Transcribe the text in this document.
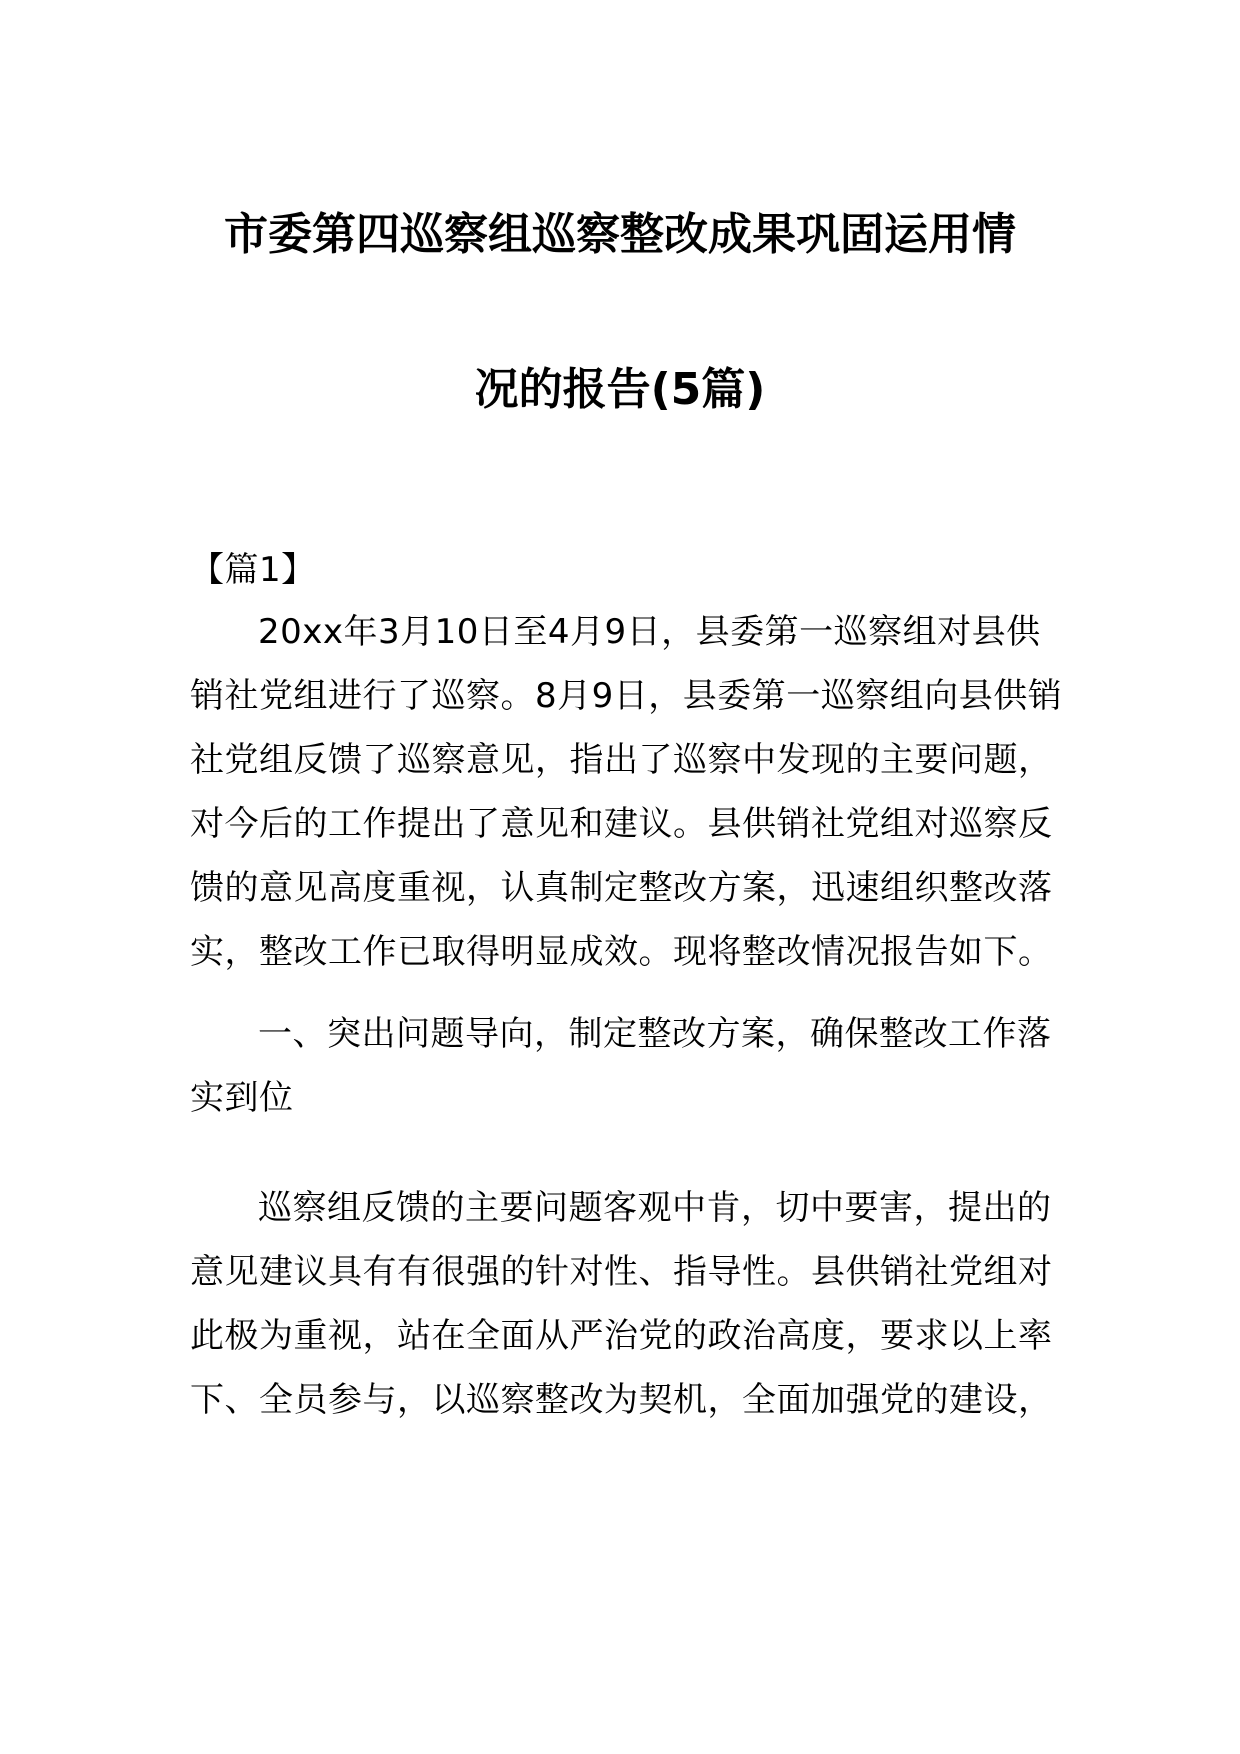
市委第四巡察组巡察整改成果巩固运用情
况的报告(5篇)

【篇1】

20xx年3月10日至4月9日，县委第一巡察组对县供
销社党组进行了巡察。8月9日，县委第一巡察组向县供销
社党组反馈了巡察意见，指出了巡察中发现的主要问题，
对今后的工作提出了意见和建议。县供销社党组对巡察反
馈的意见高度重视，认真制定整改方案，迅速组织整改落
实，整改工作已取得明显成效。现将整改情况报告如下。

一、突出问题导向，制定整改方案，确保整改工作落
实到位

巡察组反馈的主要问题客观中肯，切中要害，提出的
意见建议具有有很强的针对性、指导性。县供销社党组对
此极为重视，站在全面从严治党的政治高度，要求以上率
下、全员参与，以巡察整改为契机，全面加强党的建设，
